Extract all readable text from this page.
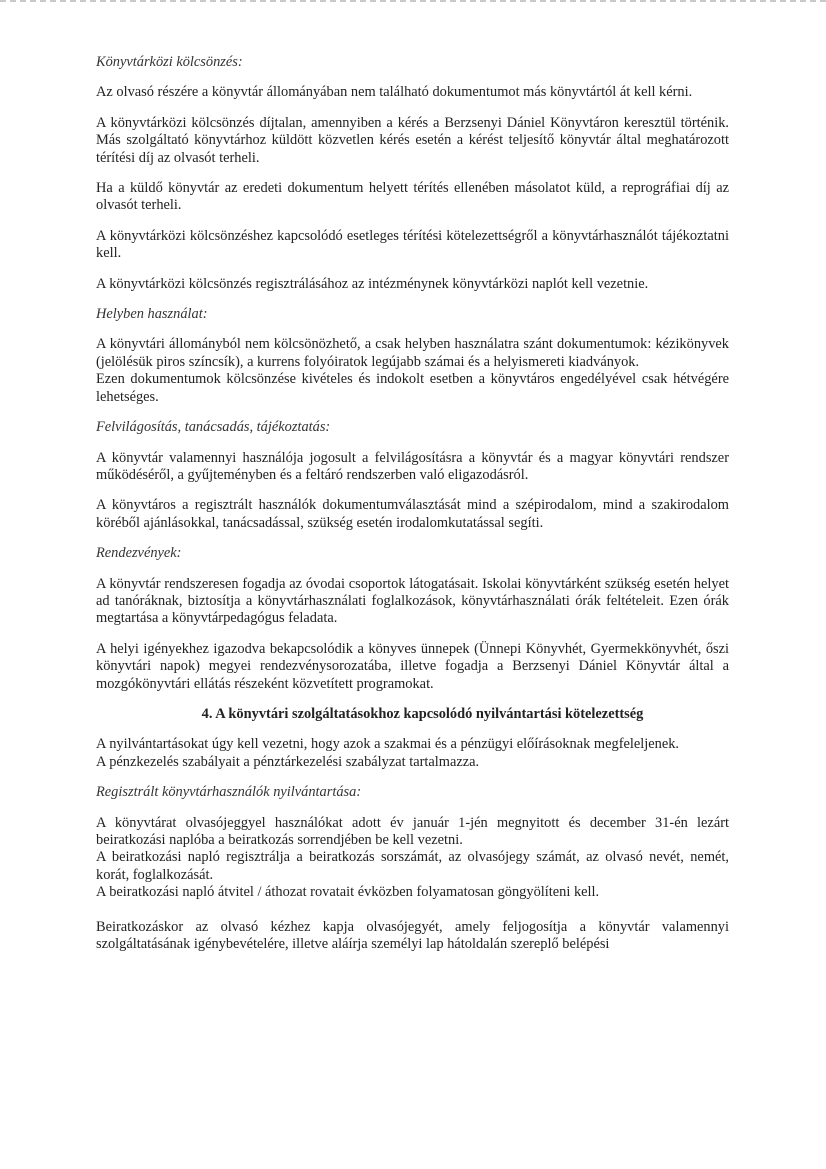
Könyvtárközi kölcsönzés:

Az olvasó részére a könyvtár állományában nem található dokumentumot más könyvtártól át kell kérni.

A könyvtárközi kölcsönzés díjtalan, amennyiben a kérés a Berzsenyi Dániel Könyvtáron keresztül történik. Más szolgáltató könyvtárhoz küldött közvetlen kérés esetén a kérést teljesítő könyvtár által meghatározott térítési díj az olvasót terheli.

Ha a küldő könyvtár az eredeti dokumentum helyett térítés ellenében másolatot küld, a reprográfiai díj az olvasót terheli.

A könyvtárközi kölcsönzéshez kapcsolódó esetleges térítési kötelezettségről a könyvtárhasználót tájékoztatni kell.

A könyvtárközi kölcsönzés regisztrálásához az intézménynek könyvtárközi naplót kell vezetnie.

Helyben használat:

A könyvtári állományból nem kölcsönözhető, a csak helyben használatra szánt dokumentumok: kézikönyvek (jelölésük piros színcsík), a kurrens folyóiratok legújabb számai és a helyismereti kiadványok.

Ezen dokumentumok kölcsönzése kivételes és indokolt esetben a könyvtáros engedélyével csak hétvégére lehetséges.

Felvilágosítás, tanácsadás, tájékoztatás:

A könyvtár valamennyi használója jogosult a felvilágosításra a könyvtár és a magyar könyvtári rendszer működéséről, a gyűjteményben és a feltáró rendszerben való eligazodásról.

A könyvtáros a regisztrált használók dokumentumválasztását mind a szépirodalom, mind a szakirodalom köréből ajánlásokkal, tanácsadással, szükség esetén irodalomkutatással segíti.

Rendezvények:

A könyvtár rendszeresen fogadja az óvodai csoportok látogatásait. Iskolai könyvtárként szükség esetén helyet ad tanóráknak, biztosítja a könyvtárhasználati foglalkozások, könyvtárhasználati órák feltételeit. Ezen órák megtartása a könyvtárpedagógus feladata.

A helyi igényekhez igazodva bekapcsolódik a könyves ünnepek (Ünnepi Könyvhét, Gyermekkönyvhét, őszi könyvtári napok) megyei rendezvénysorozatába, illetve fogadja a Berzsenyi Dániel Könyvtár által a mozgókönyvtári ellátás részeként közvetített programokat.

4. A könyvtári szolgáltatásokhoz kapcsolódó nyilvántartási kötelezettség

A nyilvántartásokat úgy kell vezetni, hogy azok a szakmai és a pénzügyi előírásoknak megfeleljenek.

A pénzkezelés szabályait a pénztárkezelési szabályzat tartalmazza.

Regisztrált könyvtárhasználók nyilvántartása:

A könyvtárat olvasójeggyel használókat adott év január 1-jén megnyitott és december 31-én lezárt beiratkozási naplóba a beiratkozás sorrendjében be kell vezetni.

A beiratkozási napló regisztrálja a beiratkozás sorszámát, az olvasójegy számát, az olvasó nevét, nemét, korát, foglalkozását.

A beiratkozási napló átvitel / áthozat rovatait évközben folyamatosan göngyölíteni kell.

Beiratkozáskor az olvasó kézhez kapja olvasójegyét, amely feljogosítja a könyvtár valamennyi szolgáltatásának igénybevételére, illetve aláírja személyi lap hátoldalán szereplő belépési
